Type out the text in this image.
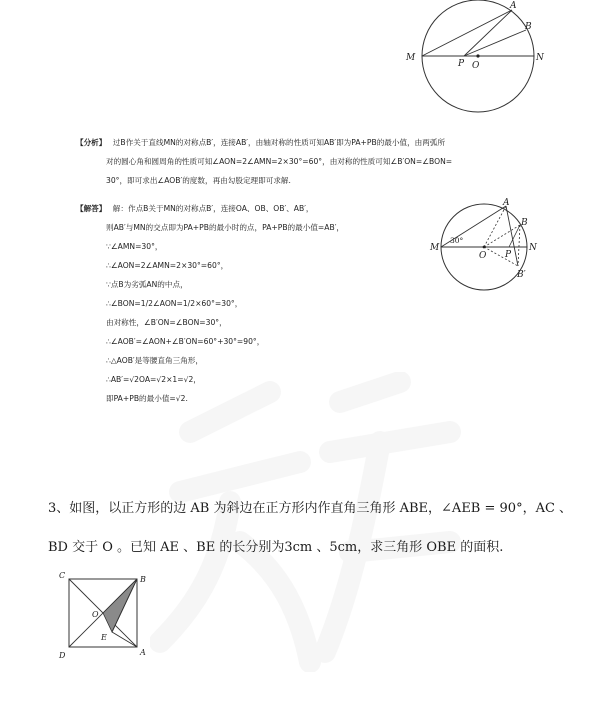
M	N
A
B
P O
【分析】 过B作关于直线MN的对称点B′，连接AB′，由轴对称的性质可知AB′即为PA+PB的最小值，由两弧所
对的圆心角和圆周角的性质可知∠AON=2∠AMN=2×30°=60°，由对称的性质可知∠B′ON=∠BON=
30°，即可求出∠AOB′的度数，再由勾股定理即可求解.
【解答】 解：作点B关于MN的对称点B′，连接OA、OB、OB′、AB′，
则AB′与MN的交点即为PA+PB的最小时的点，PA+PB的最小值=AB′，
∵∠AMN=30°，
∴∠AON=2∠AMN=2×30°=60°，
∵点B为劣弧AN的中点，
∴∠BON=1/2∠AON=1/2×60°=30°，
由对称性，∠B′ON=∠BON=30°，
∴∠AOB′=∠AON+∠B′ON=60°+30°=90°，
∴△AOB′是等腰直角三角形，
∴AB′=√2OA=√2×1=√2，
即PA+PB的最小值=√2.
30°
M	N
A
B
P
O
B′
3、如图，以正方形的边 AB 为斜边在正方形内作直角三角形 ABE，∠AEB = 90°，AC 、
BD 交于 O 。已知 AE 、BE 的长分别为3cm 、5cm，求三角形 OBE 的面积.
C	B
O
E
D	A
